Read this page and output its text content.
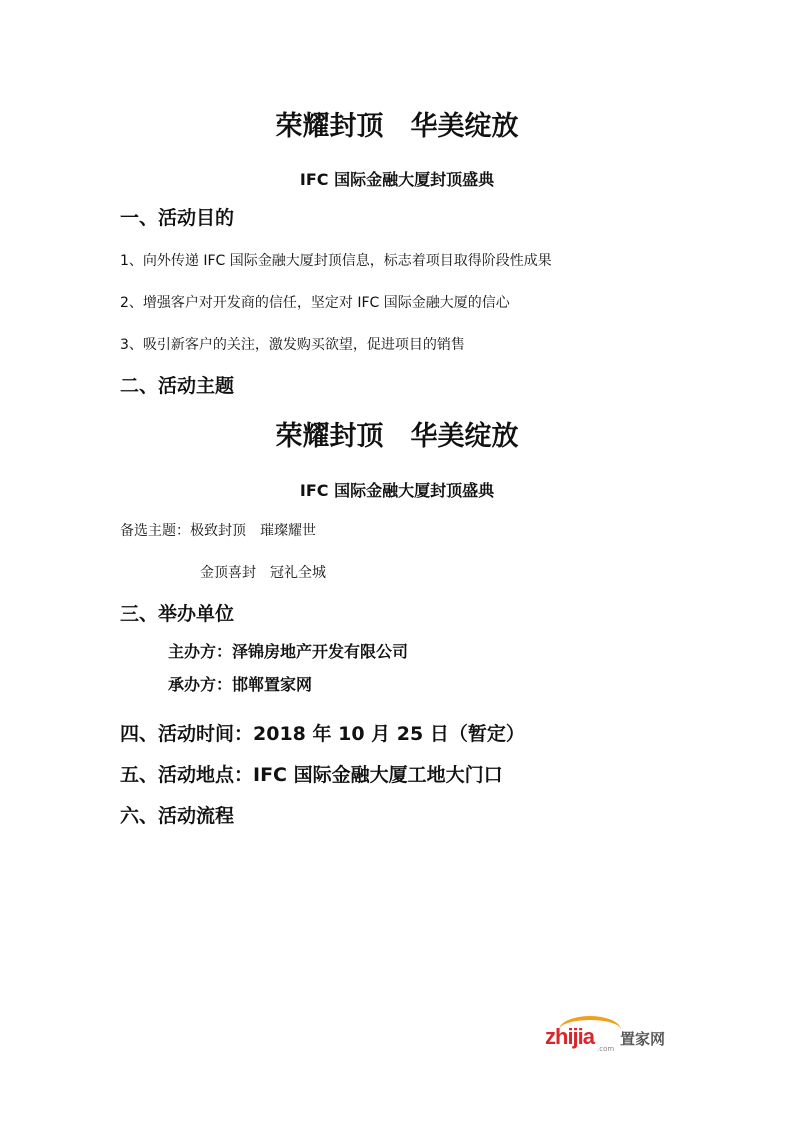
荣耀封顶　华美绽放
IFC 国际金融大厦封顶盛典
一、活动目的
1、向外传递 IFC 国际金融大厦封顶信息，标志着项目取得阶段性成果
2、增强客户对开发商的信任，坚定对 IFC 国际金融大厦的信心
3、吸引新客户的关注，激发购买欲望，促进项目的销售
二、活动主题
荣耀封顶　华美绽放
IFC 国际金融大厦封顶盛典
备选主题：极致封顶　璀璨耀世
金顶喜封　冠礼全城
三、举办单位
主办方：泽锦房地产开发有限公司
承办方：邯郸置家网
四、活动时间：2018 年 10 月 25 日（暂定）
五、活动地点：IFC 国际金融大厦工地大门口
六、活动流程
zhijia 置家网
.com
